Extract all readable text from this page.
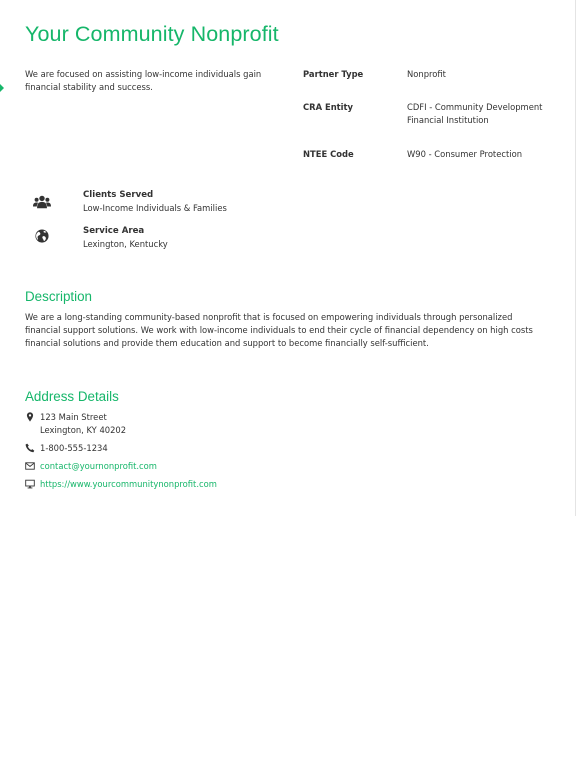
Your Community Nonprofit
We are focused on assisting low-income individuals gain financial stability and success.
Partner Type	Nonprofit
CRA Entity	CDFI - Community Development Financial Institution
NTEE Code	W90 - Consumer Protection
Clients Served
Low-Income Individuals & Families
Service Area
Lexington, Kentucky
Description

We are a long-standing community-based nonprofit that is focused on empowering individuals through personalized financial support solutions. We work with low-income individuals to end their cycle of financial dependency on high costs financial solutions and provide them education and support to become financially self-sufficient.

Address Details
123 Main Street
Lexington, KY 40202
1-800-555-1234
contact@yournonprofit.com
https://www.yourcommunitynonprofit.com
